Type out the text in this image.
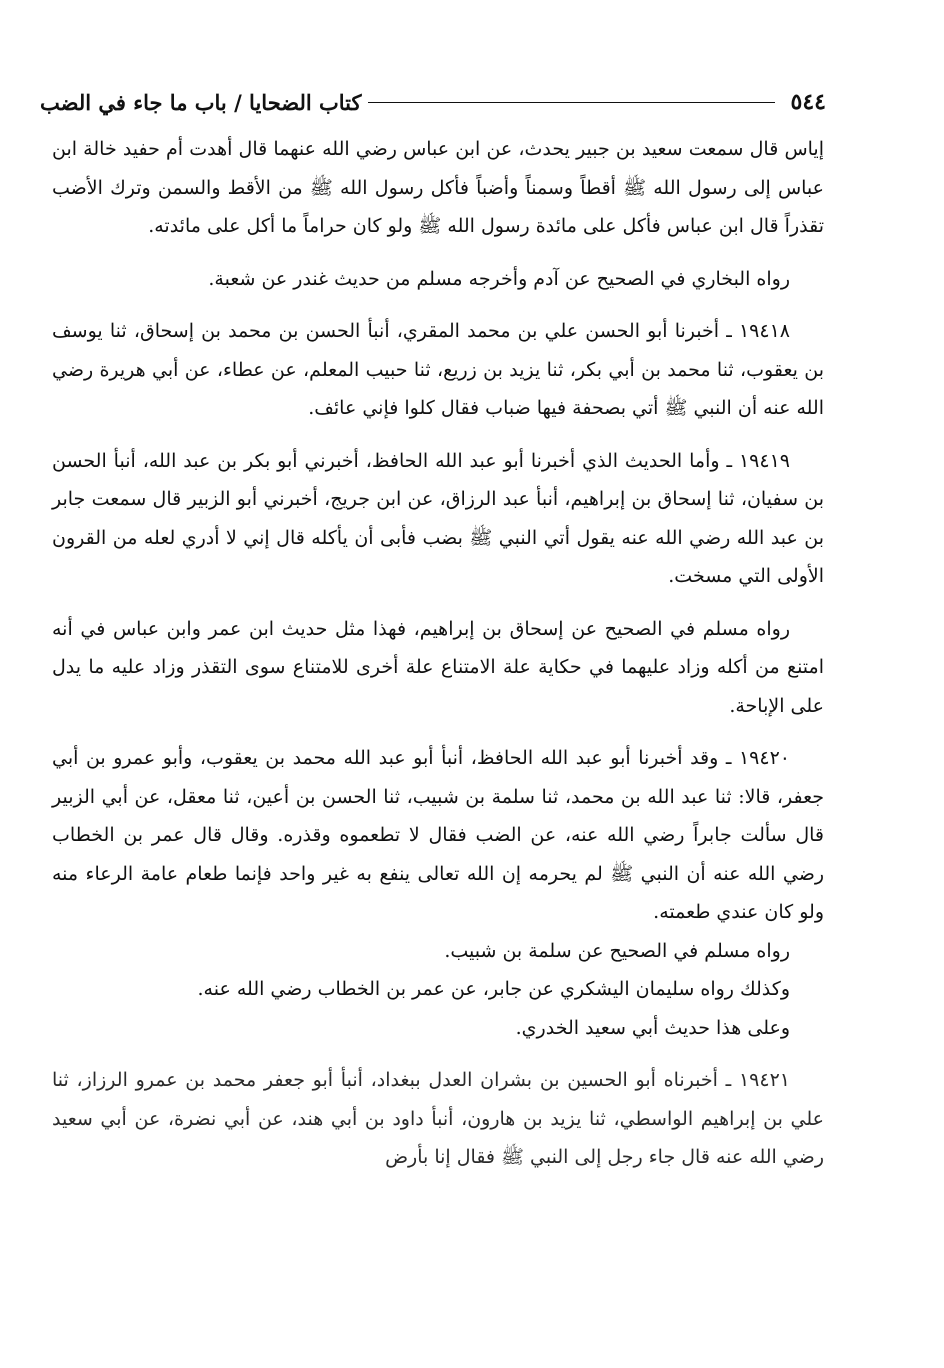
٥٤٤
كتاب الضحايا / باب ما جاء في الضب

إياس قال سمعت سعيد بن جبير يحدث، عن ابن عباس رضي الله عنهما قال أهدت أم حفيد خالة ابن عباس إلى رسول الله ﷺ أقطاً وسمناً وأضباً فأكل رسول الله ﷺ من الأقط والسمن وترك الأضب تقذراً قال ابن عباس فأكل على مائدة رسول الله ﷺ ولو كان حراماً ما أكل على مائدته.

رواه البخاري في الصحيح عن آدم وأخرجه مسلم من حديث غندر عن شعبة.

١٩٤١٨ ـ أخبرنا أبو الحسن علي بن محمد المقري، أنبأ الحسن بن محمد بن إسحاق، ثنا يوسف بن يعقوب، ثنا محمد بن أبي بكر، ثنا يزيد بن زريع، ثنا حبيب المعلم، عن عطاء، عن أبي هريرة رضي الله عنه أن النبي ﷺ أتي بصحفة فيها ضباب فقال كلوا فإني عائف.

١٩٤١٩ ـ وأما الحديث الذي أخبرنا أبو عبد الله الحافظ، أخبرني أبو بكر بن عبد الله، أنبأ الحسن بن سفيان، ثنا إسحاق بن إبراهيم، أنبأ عبد الرزاق، عن ابن جريج، أخبرني أبو الزبير قال سمعت جابر بن عبد الله رضي الله عنه يقول أتي النبي ﷺ بضب فأبى أن يأكله قال إني لا أدري لعله من القرون الأولى التي مسخت.

رواه مسلم في الصحيح عن إسحاق بن إبراهيم، فهذا مثل حديث ابن عمر وابن عباس في أنه امتنع من أكله وزاد عليهما في حكاية علة الامتناع علة أخرى للامتناع سوى التقذر وزاد عليه ما يدل على الإباحة.

١٩٤٢٠ ـ وقد أخبرنا أبو عبد الله الحافظ، أنبأ أبو عبد الله محمد بن يعقوب، وأبو عمرو بن أبي جعفر، قالا: ثنا عبد الله بن محمد، ثنا سلمة بن شبيب، ثنا الحسن بن أعين، ثنا معقل، عن أبي الزبير قال سألت جابراً رضي الله عنه، عن الضب فقال لا تطعموه وقذره. وقال قال عمر بن الخطاب رضي الله عنه أن النبي ﷺ لم يحرمه إن الله تعالى ينفع به غير واحد فإنما طعام عامة الرعاء منه ولو كان عندي طعمته.

رواه مسلم في الصحيح عن سلمة بن شبيب.

وكذلك رواه سليمان اليشكري عن جابر، عن عمر بن الخطاب رضي الله عنه.

وعلى هذا حديث أبي سعيد الخدري.

١٩٤٢١ ـ أخبرناه أبو الحسين بن بشران العدل ببغداد، أنبأ أبو جعفر محمد بن عمرو الرزاز، ثنا علي بن إبراهيم الواسطي، ثنا يزيد بن هارون، أنبأ داود بن أبي هند، عن أبي نضرة، عن أبي سعيد رضي الله عنه قال جاء رجل إلى النبي ﷺ فقال إنا بأرض
